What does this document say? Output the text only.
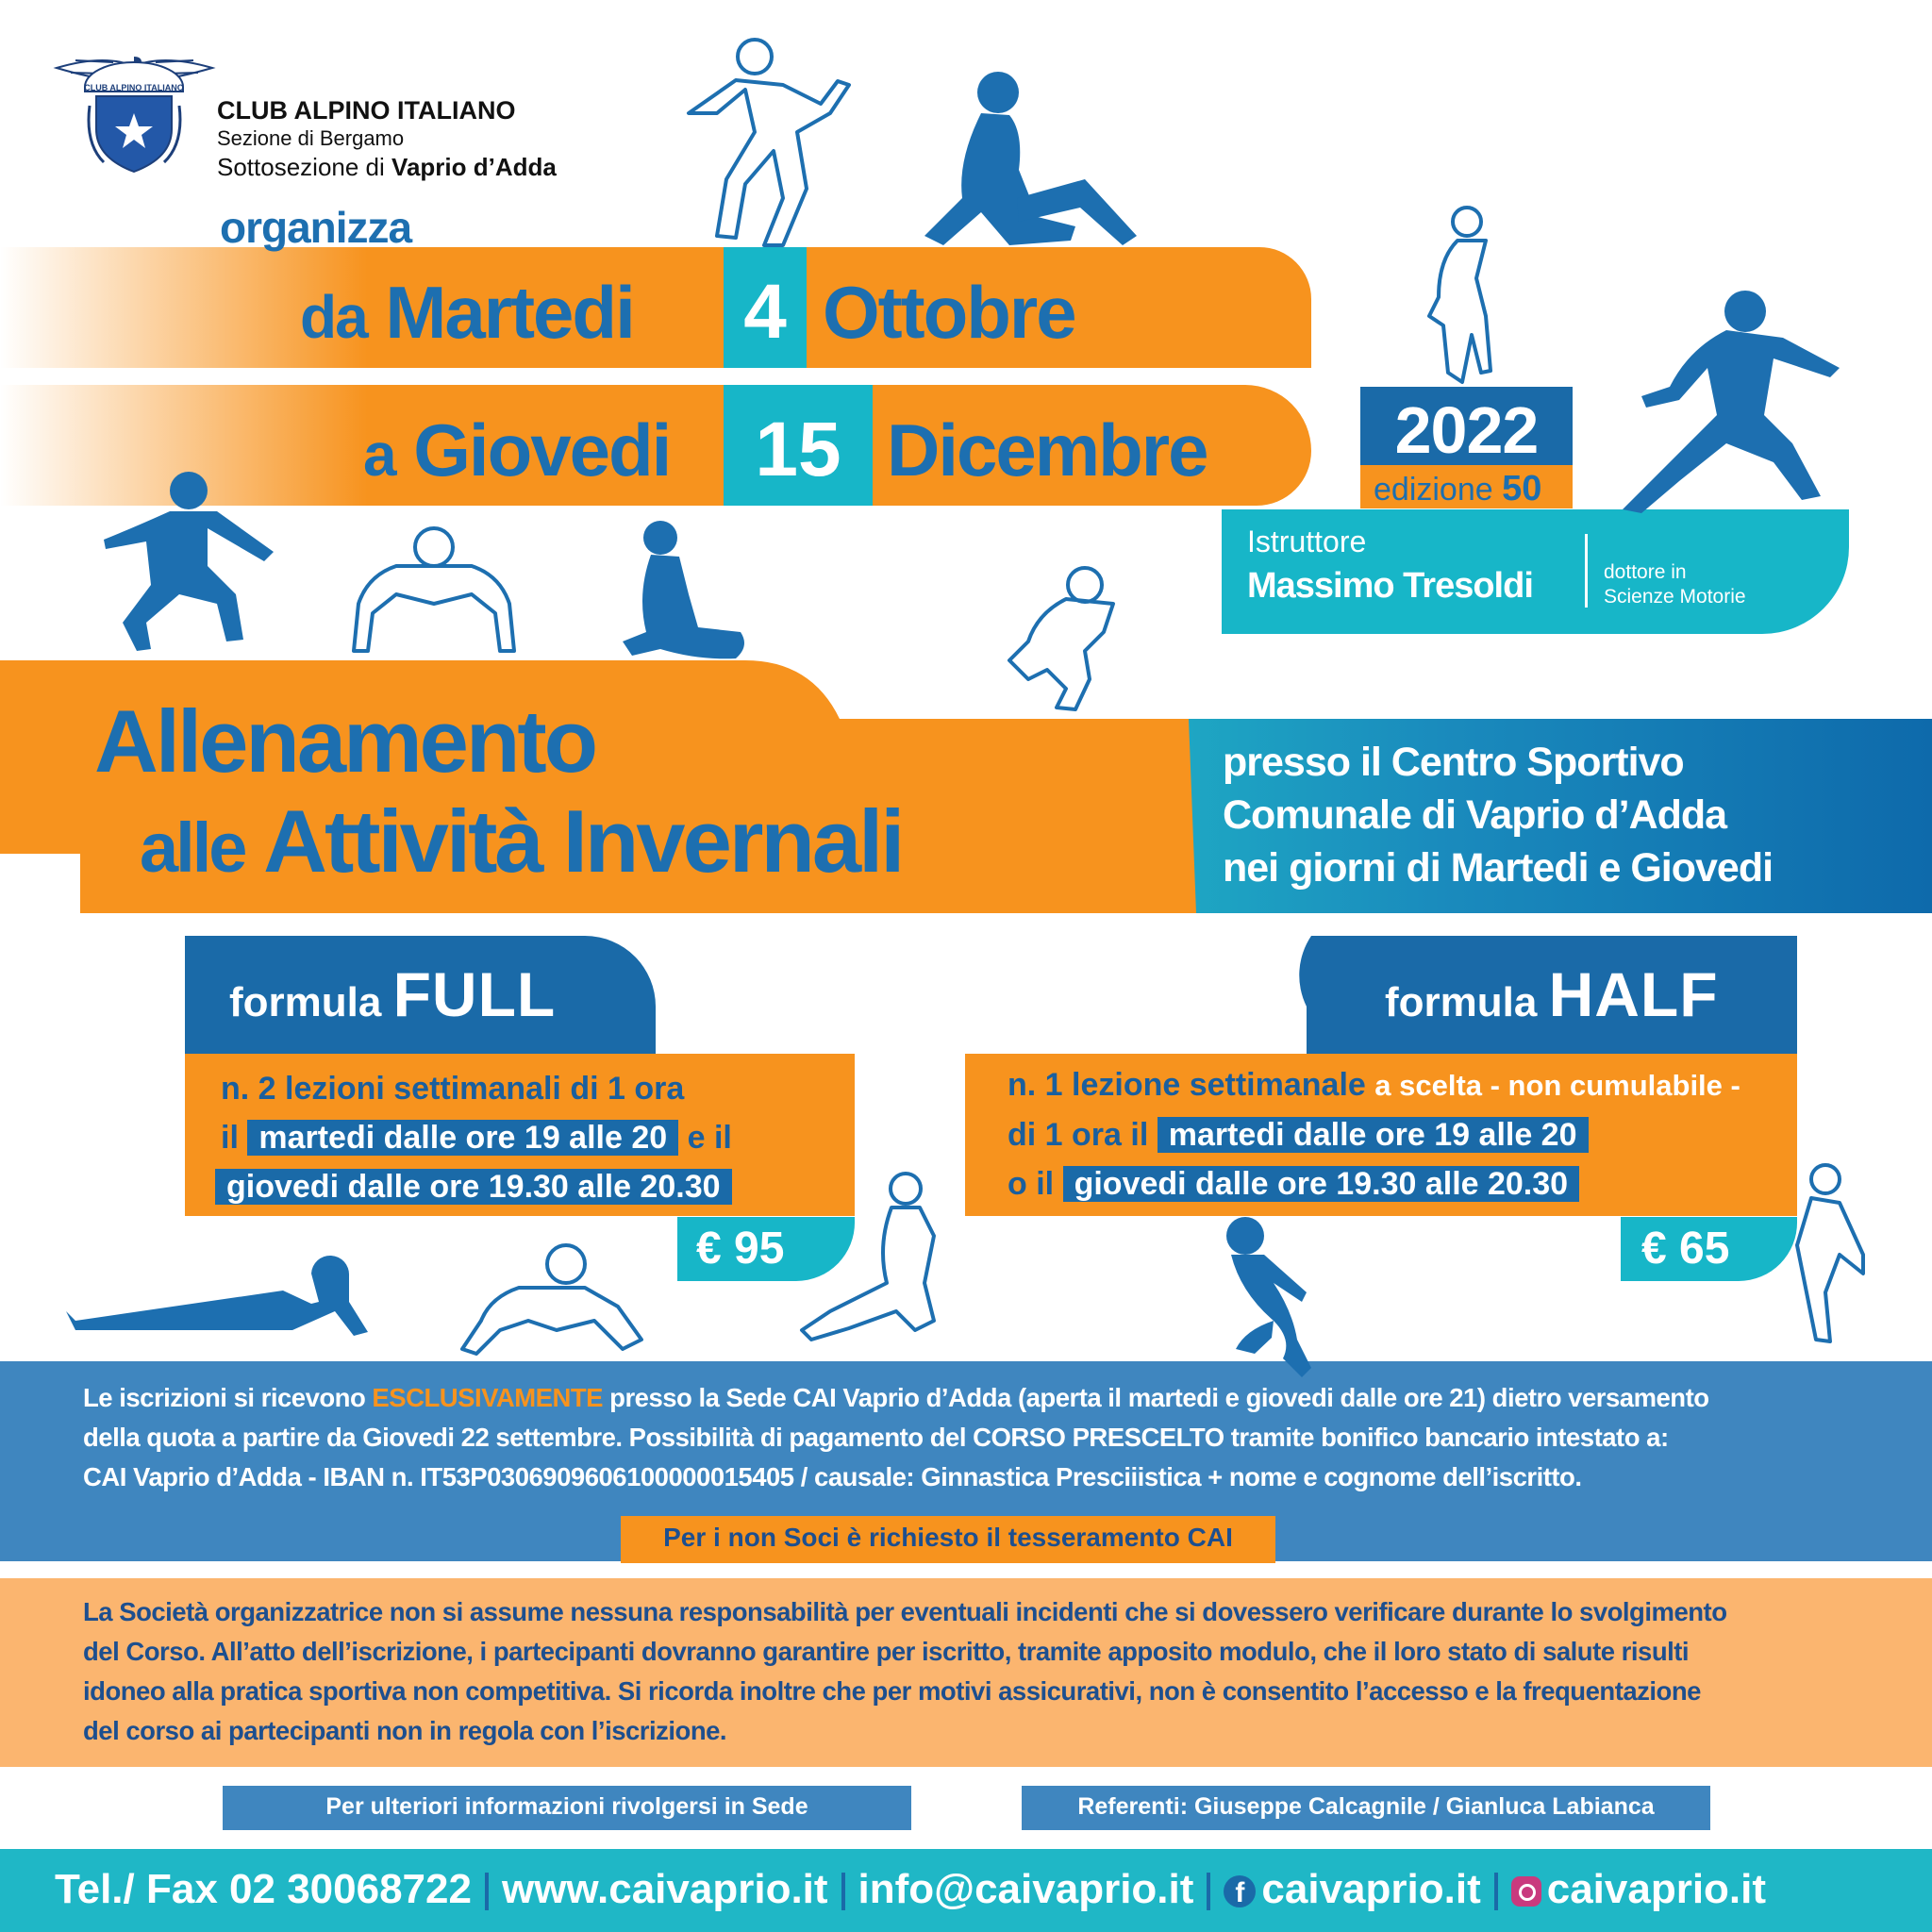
CLUB ALPINO ITALIANO
CLUB ALPINO ITALIANO
Sezione di Bergamo
Sottosezione di Vaprio d’Adda
organizza
da Martedi 4 Ottobre
a Giovedi	15 Dicembre	2022
edizione 50
Istruttore
Massimo Tresoldi	dottore in
Scienze Motorie
Allenamento
alle Attività Invernali
presso il Centro Sportivo
Comunale di Vaprio d’Adda
nei giorni di Martedi e Giovedi
formula FULL
n. 2 lezioni settimanali di 1 ora
il martedi dalle ore 19 alle 20 e il
giovedi dalle ore 19.30 alle 20.30
€ 95
formula HALF
n. 1 lezione settimanale a scelta - non cumulabile -
di 1 ora il martedi dalle ore 19 alle 20
o il giovedi dalle ore 19.30 alle 20.30
€ 65
Le iscrizioni si ricevono ESCLUSIVAMENTE presso la Sede CAI Vaprio d’Adda (aperta il martedi e giovedi dalle ore 21) dietro versamento
della quota a partire da Giovedi 22 settembre. Possibilità di pagamento del CORSO PRESCELTO tramite bonifico bancario intestato a:
CAI Vaprio d’Adda - IBAN n. IT53P0306909606100000015405 / causale: Ginnastica Presciiistica + nome e cognome dell’iscritto.
Per i non Soci è richiesto il tesseramento CAI
La Società organizzatrice non si assume nessuna responsabilità per eventuali incidenti che si dovessero verificare durante lo svolgimento
del Corso. All’atto dell’iscrizione, i partecipanti dovranno garantire per iscritto, tramite apposito modulo, che il loro stato di salute risulti
idoneo alla pratica sportiva non competitiva. Si ricorda inoltre che per motivi assicurativi, non è consentito l’accesso e la frequentazione
del corso ai partecipanti non in regola con l’iscrizione.
Per ulteriori informazioni rivolgersi in Sede	Referenti: Giuseppe Calcagnile / Gianluca Labianca
Tel./ Fax 02 30068722 www.caivaprio.it info@caivaprio.it f caivaprio.it caivaprio.it
